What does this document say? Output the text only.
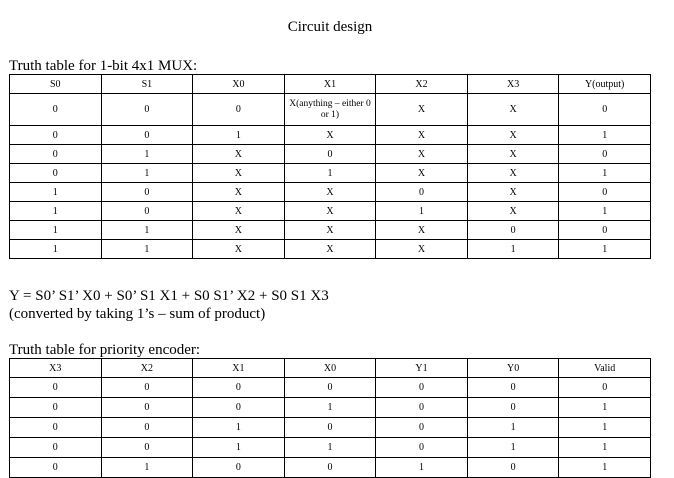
Circuit design
Truth table for 1-bit 4x1 MUX:
S0	S1	X0	X1	X2	X3	Y(output)
0	0	0	X(anything – either 0 or 1)	X	X	0
0	0	1	X	X	X	1
0	1	X	0	X	X	0
0	1	X	1	X	X	1
1	0	X	X	0	X	0
1	0	X	X	1	X	1
1	1	X	X	X	0	0
1	1	X	X	X	1	1
Y = S0’ S1’ X0 + S0’ S1 X1 + S0 S1’ X2 + S0 S1 X3
(converted by taking 1’s – sum of product)
Truth table for priority encoder:
X3	X2	X1	X0	Y1	Y0	Valid
0	0	0	0	0	0	0
0	0	0	1	0	0	1
0	0	1	0	0	1	1
0	0	1	1	0	1	1
0	1	0	0	1	0	1
